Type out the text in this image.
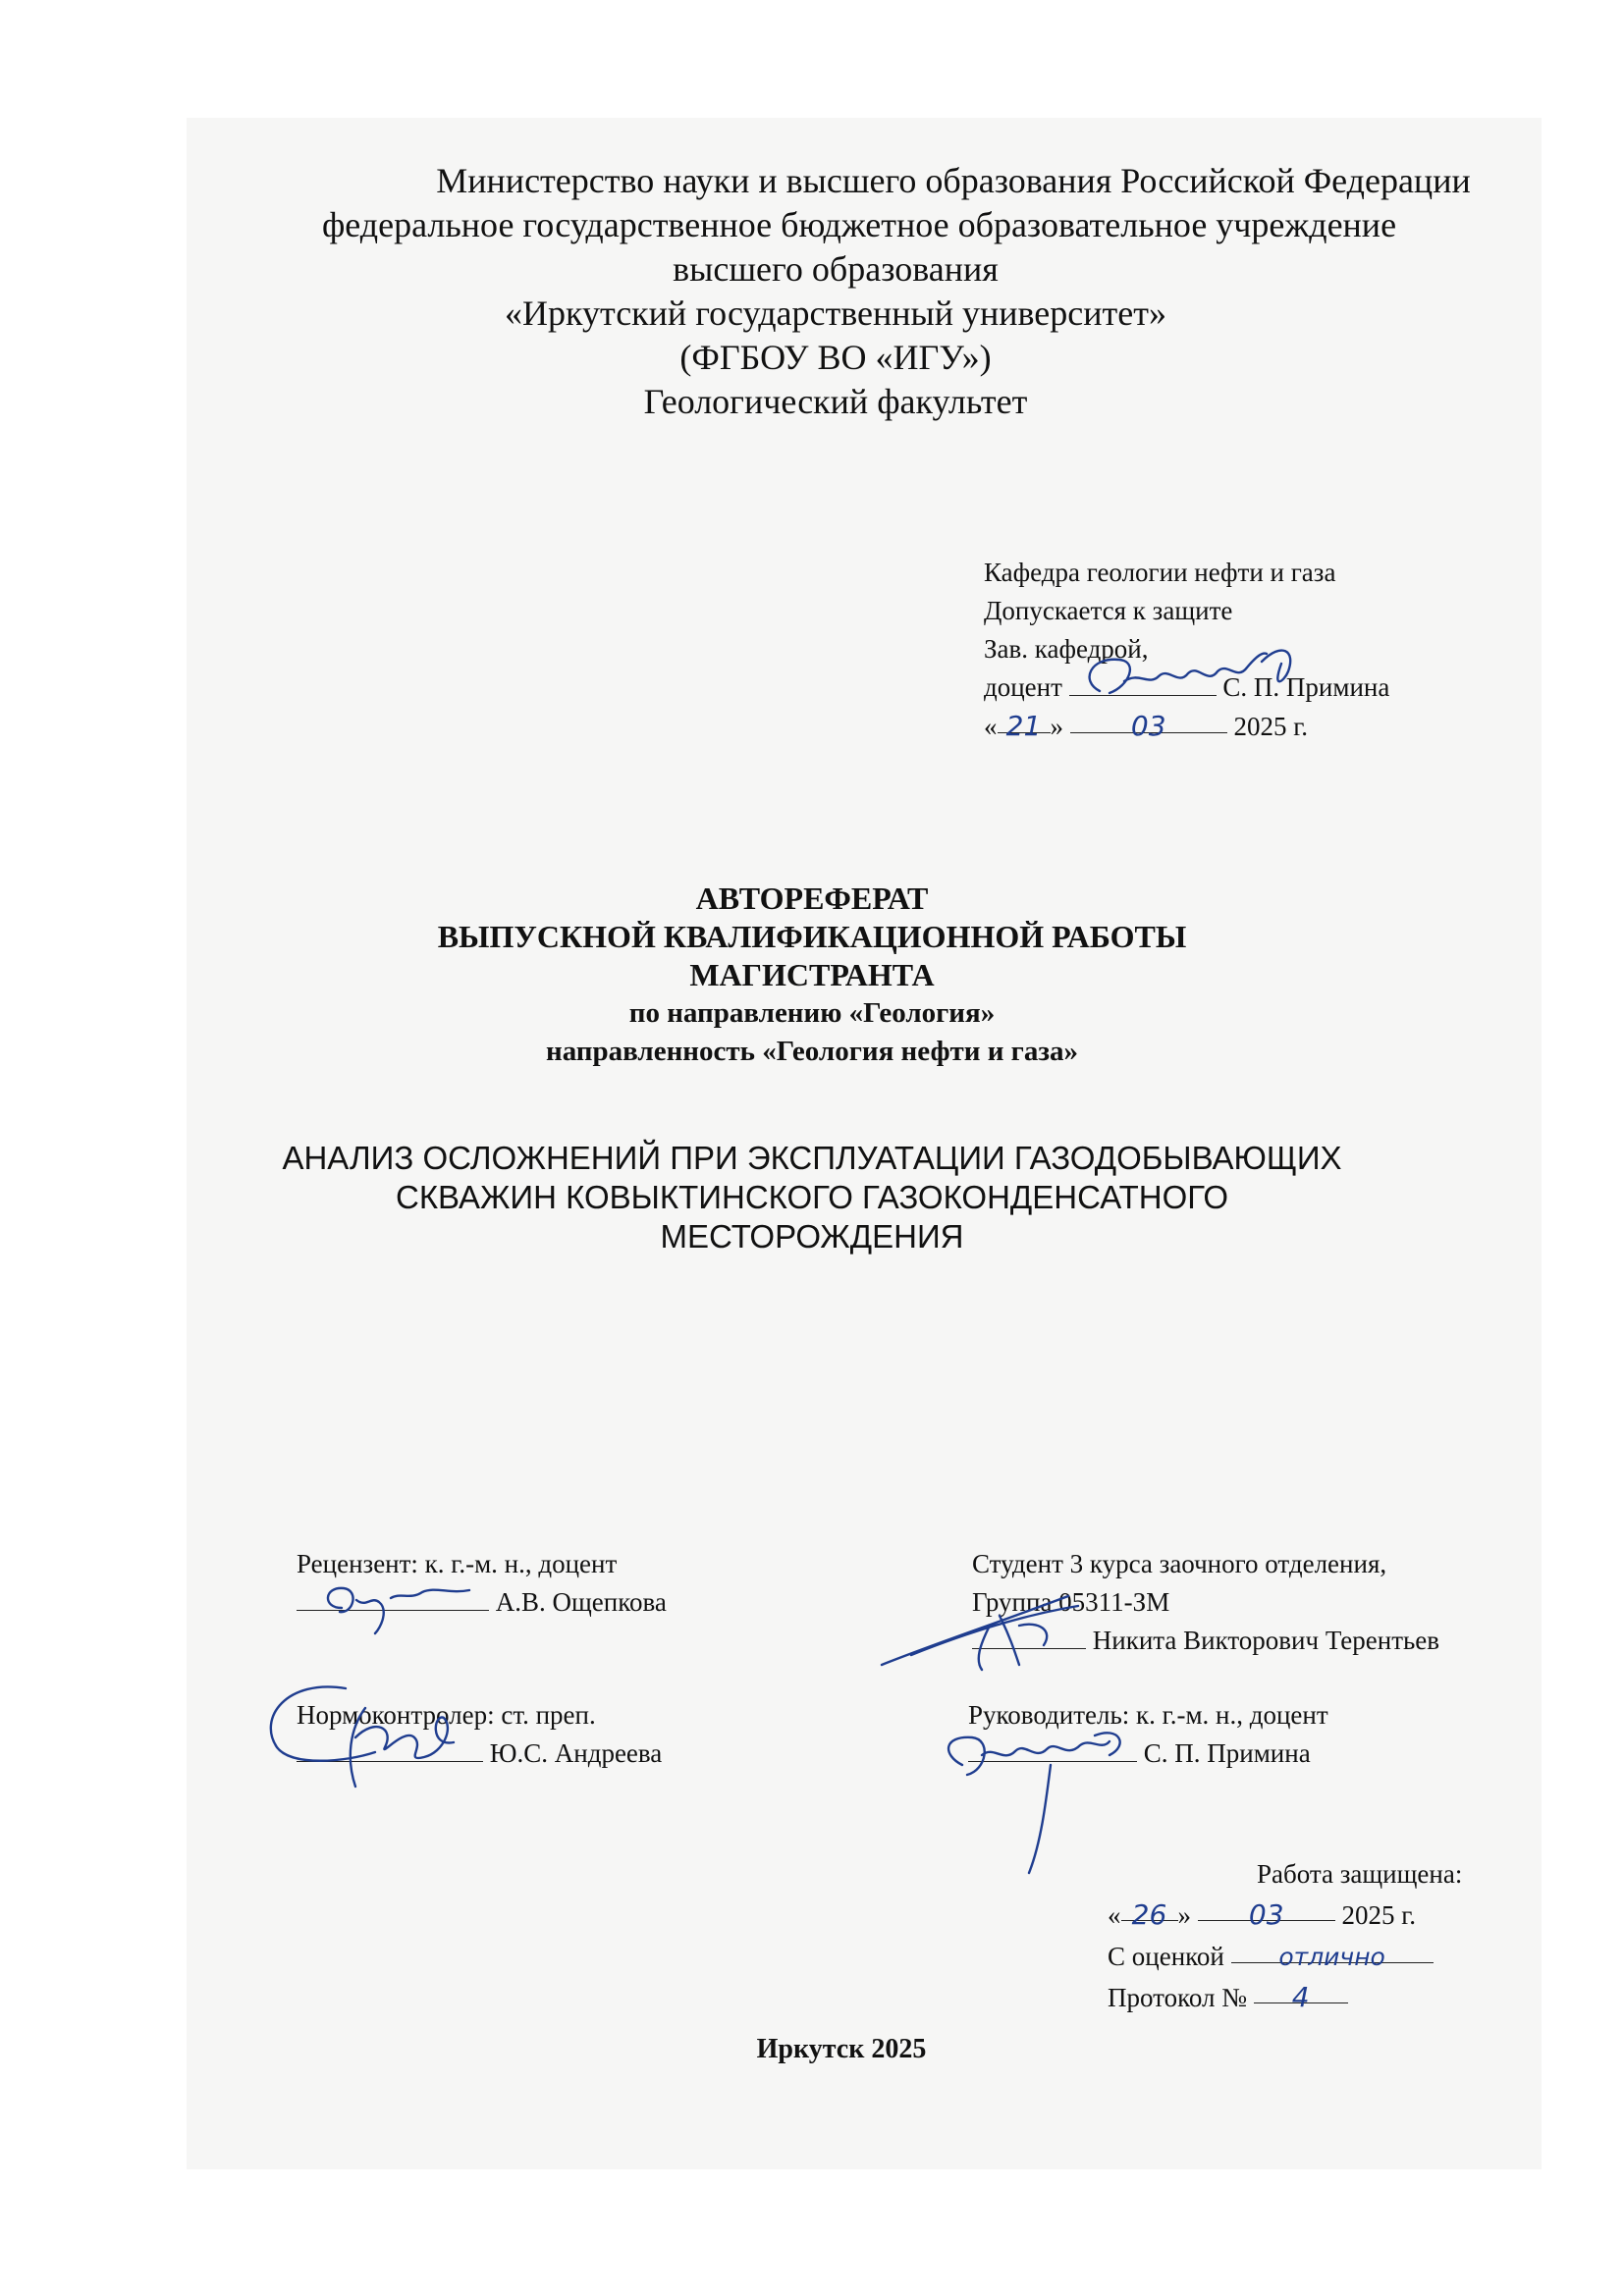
Министерство науки и высшего образования Российской Федерации
федеральное государственное бюджетное образовательное учреждение
высшего образования
«Иркутский государственный университет»
(ФГБОУ ВО «ИГУ»)
Геологический факультет
Кафедра геологии нефти и газа
Допускается к защите
Зав. кафедрой,
доцент	С. П. Примина
« 21 » 03	2025 г.
АВТОРЕФЕРАТ
ВЫПУСКНОЙ КВАЛИФИКАЦИОННОЙ РАБОТЫ
МАГИСТРАНТА
по направлению «Геология»
направленность «Геология нефти и газа»
АНАЛИЗ ОСЛОЖНЕНИЙ ПРИ ЭКСПЛУАТАЦИИ ГАЗОДОБЫВАЮЩИХ
СКВАЖИН КОВЫКТИНСКОГО ГАЗОКОНДЕНСАТНОГО
МЕСТОРОЖДЕНИЯ
Рецензент: к. г.-м. н., доцент
А.В. Ощепкова
Нормоконтролер: ст. преп.
Ю.С. Андреева
Студент 3 курса заочного отделения,
Группа 05311-ЗМ
Никита Викторович Терентьев
Руководитель: к. г.-м. н., доцент
С. П. Примина
Работа защищена:
« 26 » 03 2025 г.
С оценкой отлично
Протокол № 4
Иркутск 2025
